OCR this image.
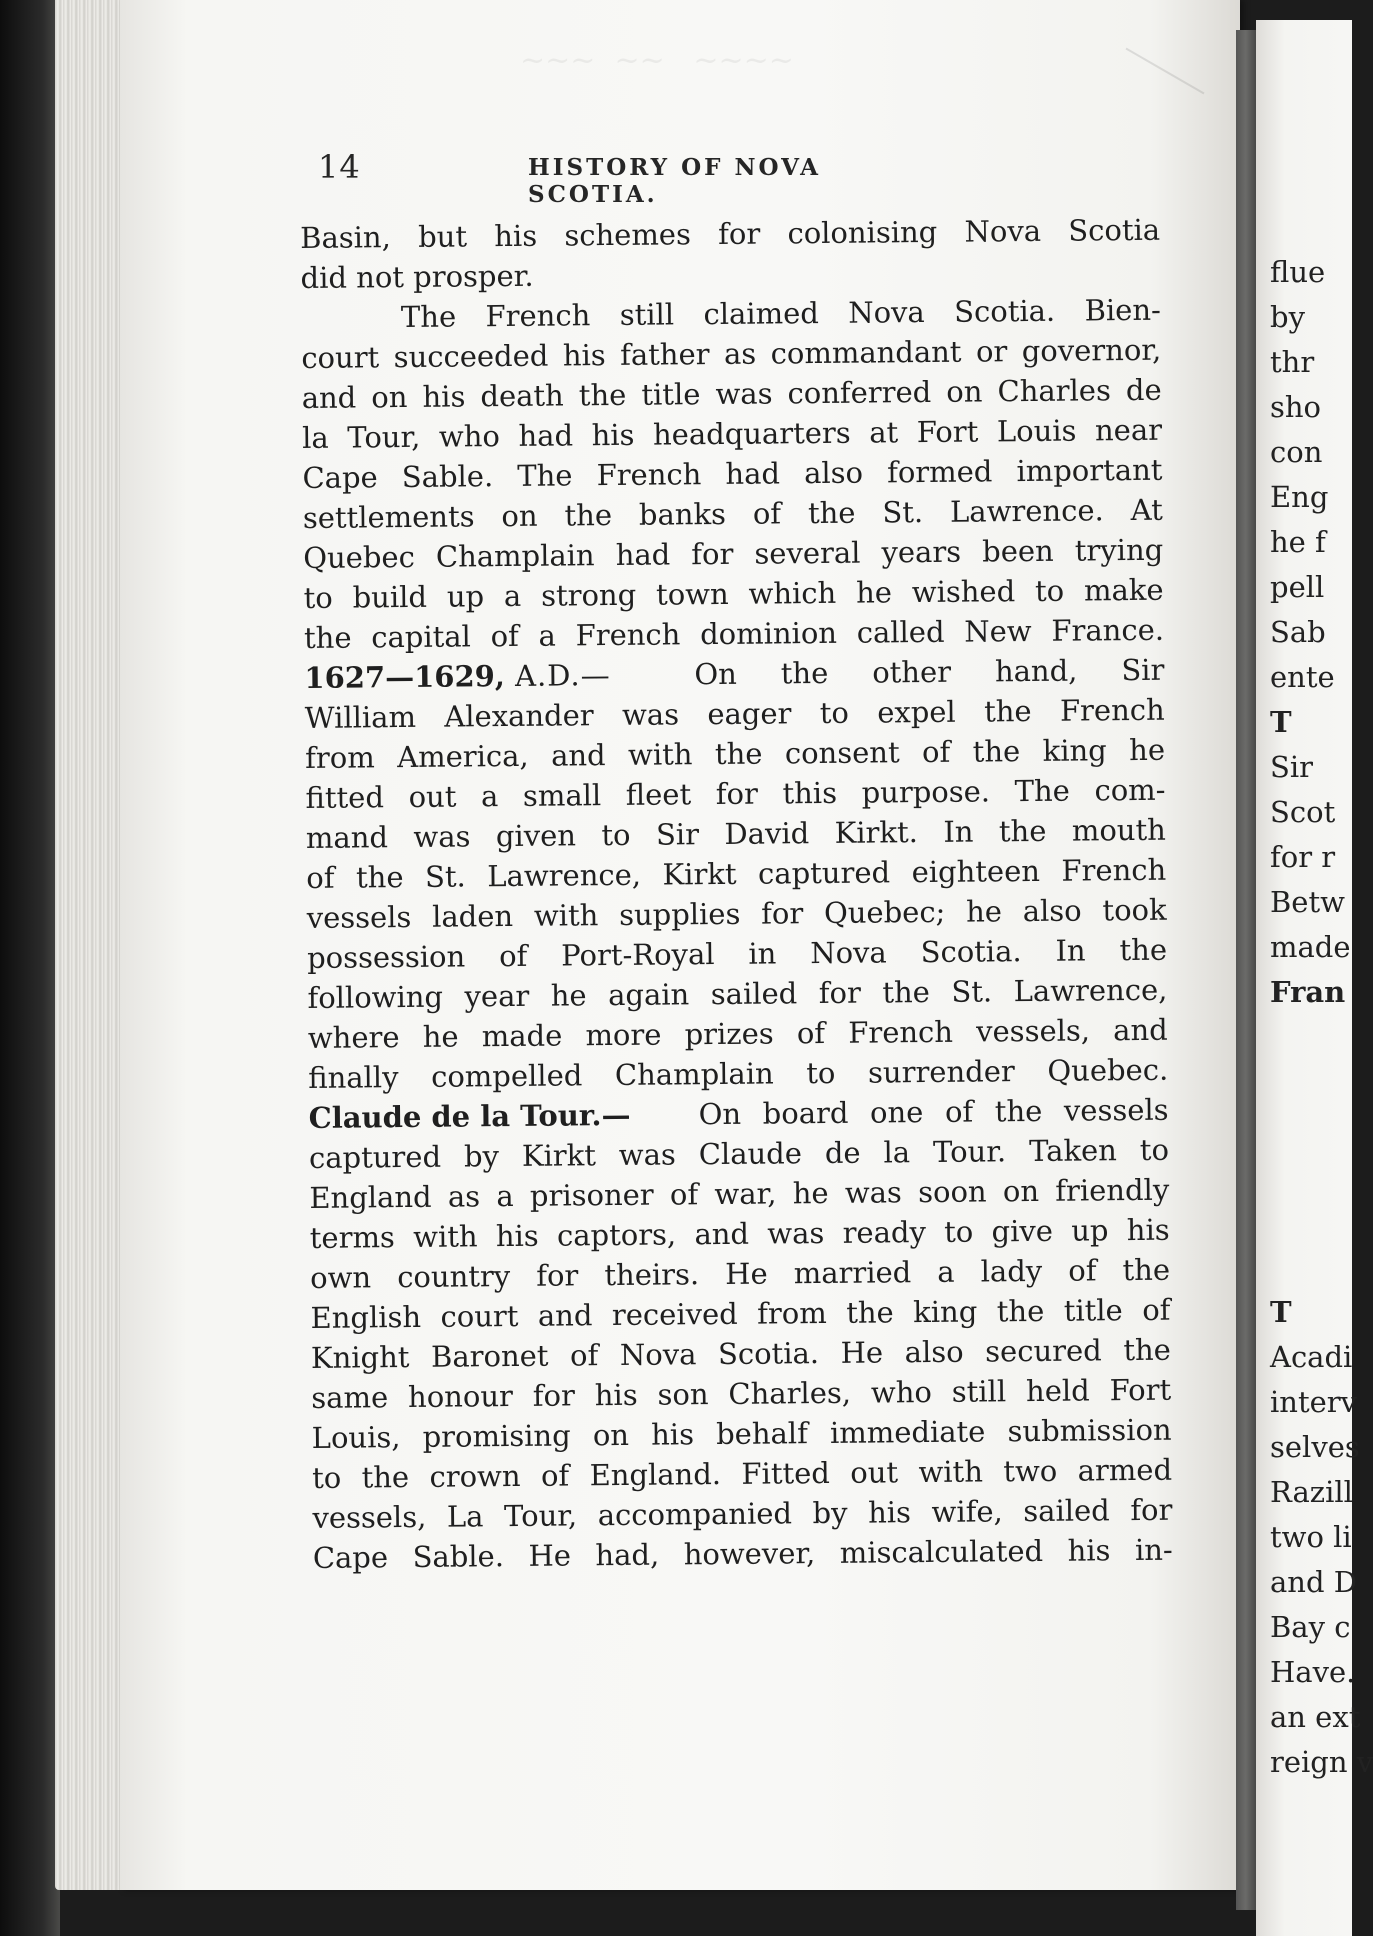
~~~  ~~   ~~~~
14	HISTORY OF NOVA SCOTIA.
Basin, but his schemes for colonising Nova Scotia
did not prosper.
The French still claimed Nova Scotia. Bien-
court succeeded his father as commandant or governor,
and on his death the title was conferred on Charles de
la Tour, who had his headquarters at Fort Louis near
Cape Sable. The French had also formed important
settlements on the banks of the St. Lawrence. At
Quebec Champlain had for several years been trying
to build up a strong town which he wished to make
the capital of a French dominion called New France.
1627—1629, A.D.—	On the other hand, Sir
William Alexander was eager to expel the French
from America, and with the consent of the king he
fitted out a small fleet for this purpose. The com-
mand was given to Sir David Kirkt. In the mouth
of the St. Lawrence, Kirkt captured eighteen French
vessels laden with supplies for Quebec; he also took
possession of Port-Royal in Nova Scotia. In the
following year he again sailed for the St. Lawrence,
where he made more prizes of French vessels, and
finally compelled Champlain to surrender Quebec.
Claude de la Tour.— On board one of the vessels
captured by Kirkt was Claude de la Tour. Taken to
England as a prisoner of war, he was soon on friendly
terms with his captors, and was ready to give up his
own country for theirs. He married a lady of the
English court and received from the king the title of
Knight Baronet of Nova Scotia. He also secured the
same honour for his son Charles, who still held Fort
Louis, promising on his behalf immediate submission
to the crown of England. Fitted out with two armed
vessels, La Tour, accompanied by his wife, sailed for
Cape Sable. He had, however, miscalculated his in-
flue
by
thr
sho
con
Eng
he f
pell
Sab
ente
T
Sir
Scot
for r
Betw
made
Fran
T
Acadi
interv
selves
Razill
two li
and D
Bay c
Have.
an ext
reign v
